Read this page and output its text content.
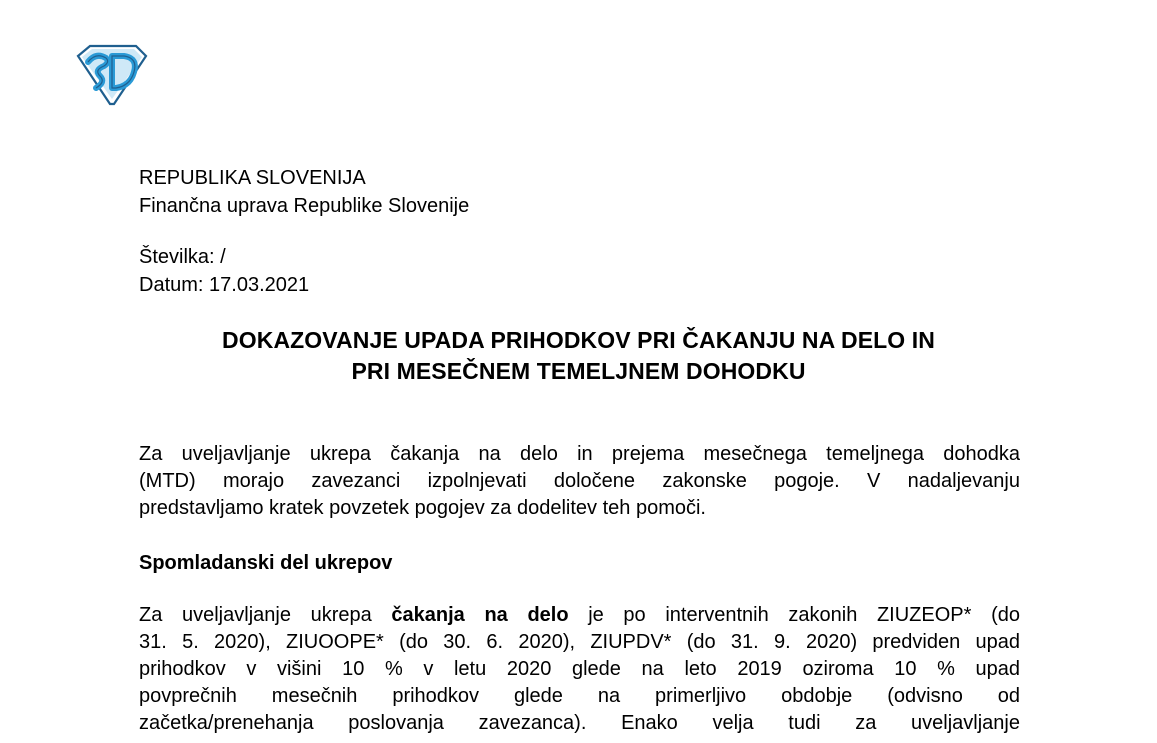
REPUBLIKA SLOVENIJA
Finančna uprava Republike Slovenije
Številka: /
Datum: 17.03.2021
DOKAZOVANJE UPADA PRIHODKOV PRI ČAKANJU NA DELO IN
PRI MESEČNEM TEMELJNEM DOHODKU
Za uveljavljanje ukrepa čakanja na delo in prejema mesečnega temeljnega dohodka
(MTD) morajo zavezanci izpolnjevati določene zakonske pogoje. V nadaljevanju
predstavljamo kratek povzetek pogojev za dodelitev teh pomoči.
Spomladanski del ukrepov
Za uveljavljanje ukrepa čakanja na delo je po interventnih zakonih ZIUZEOP* (do
31. 5. 2020), ZIUOOPE* (do 30. 6. 2020), ZIUPDV* (do 31. 9. 2020) predviden upad
prihodkov v višini 10 % v letu 2020 glede na leto 2019 oziroma 10 % upad
povprečnih mesečnih prihodkov glede na primerljivo obdobje (odvisno od
začetka/prenehanja poslovanja zavezanca). Enako velja tudi za uveljavljanje
